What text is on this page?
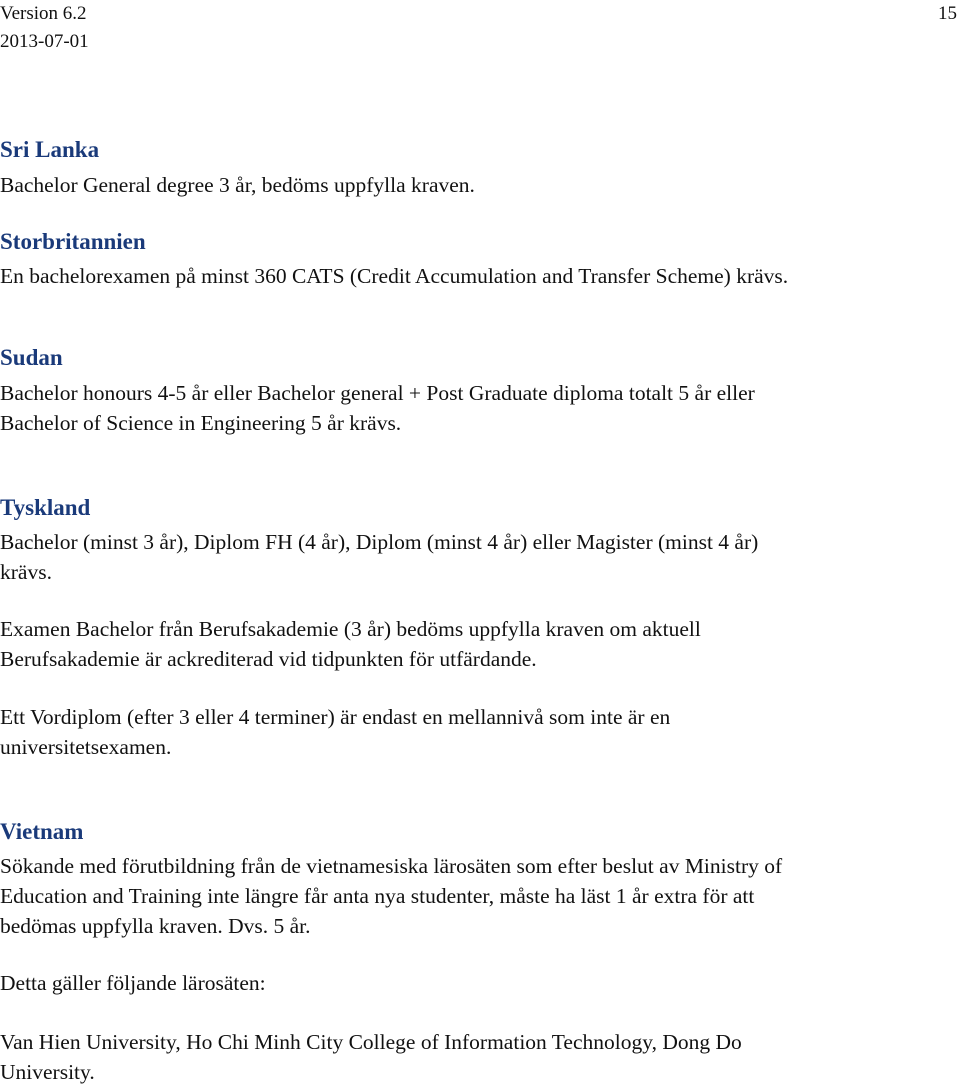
Version 6.2
2013-07-01
15
Sri Lanka
Bachelor General degree 3 år, bedöms uppfylla kraven.
Storbritannien
En bachelorexamen på minst 360 CATS (Credit Accumulation and Transfer Scheme) krävs.
Sudan
Bachelor honours 4-5 år eller Bachelor general + Post Graduate diploma totalt 5 år eller
Bachelor of Science in Engineering 5 år krävs.
Tyskland
Bachelor (minst 3 år), Diplom FH (4 år), Diplom (minst 4 år) eller Magister (minst 4 år)
krävs.
Examen Bachelor från Berufsakademie (3 år) bedöms uppfylla kraven om aktuell
Berufsakademie är ackrediterad vid tidpunkten för utfärdande.
Ett Vordiplom (efter 3 eller 4 terminer) är endast en mellannivå som inte är en
universitetsexamen.
Vietnam
Sökande med förutbildning från de vietnamesiska lärosäten som efter beslut av Ministry of
Education and Training inte längre får anta nya studenter, måste ha läst 1 år extra för att
bedömas uppfylla kraven. Dvs. 5 år.
Detta gäller följande lärosäten:
Van Hien University, Ho Chi Minh City College of Information Technology, Dong Do
University.
